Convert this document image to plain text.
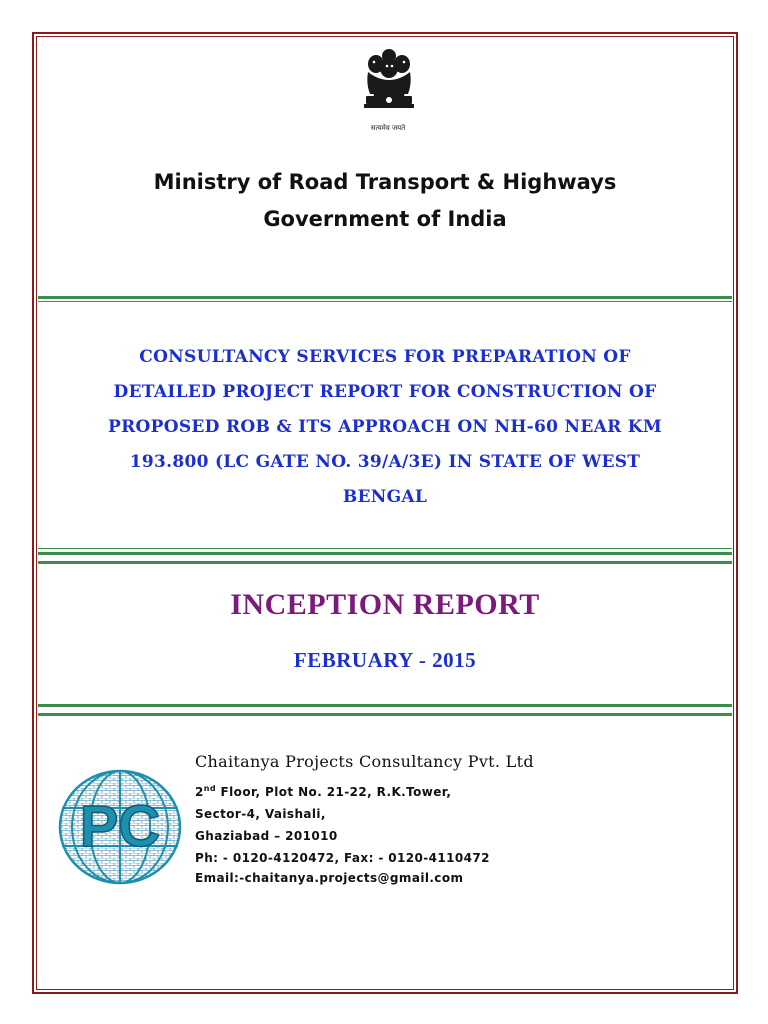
सत्यमेव जयते
Ministry of Road Transport & Highways
Government of India
CONSULTANCY SERVICES FOR PREPARATION OF
DETAILED PROJECT REPORT FOR CONSTRUCTION OF
PROPOSED ROB & ITS APPROACH ON NH-60 NEAR KM
193.800 (LC GATE NO. 39/A/3E) IN STATE OF WEST
BENGAL
INCEPTION REPORT
FEBRUARY - 2015
PC
Chaitanya Projects Consultancy Pvt. Ltd
2nd Floor, Plot No. 21-22, R.K.Tower,
Sector-4, Vaishali,
Ghaziabad – 201010
Ph: - 0120-4120472, Fax: - 0120-4110472
Email:-chaitanya.projects@gmail.com
